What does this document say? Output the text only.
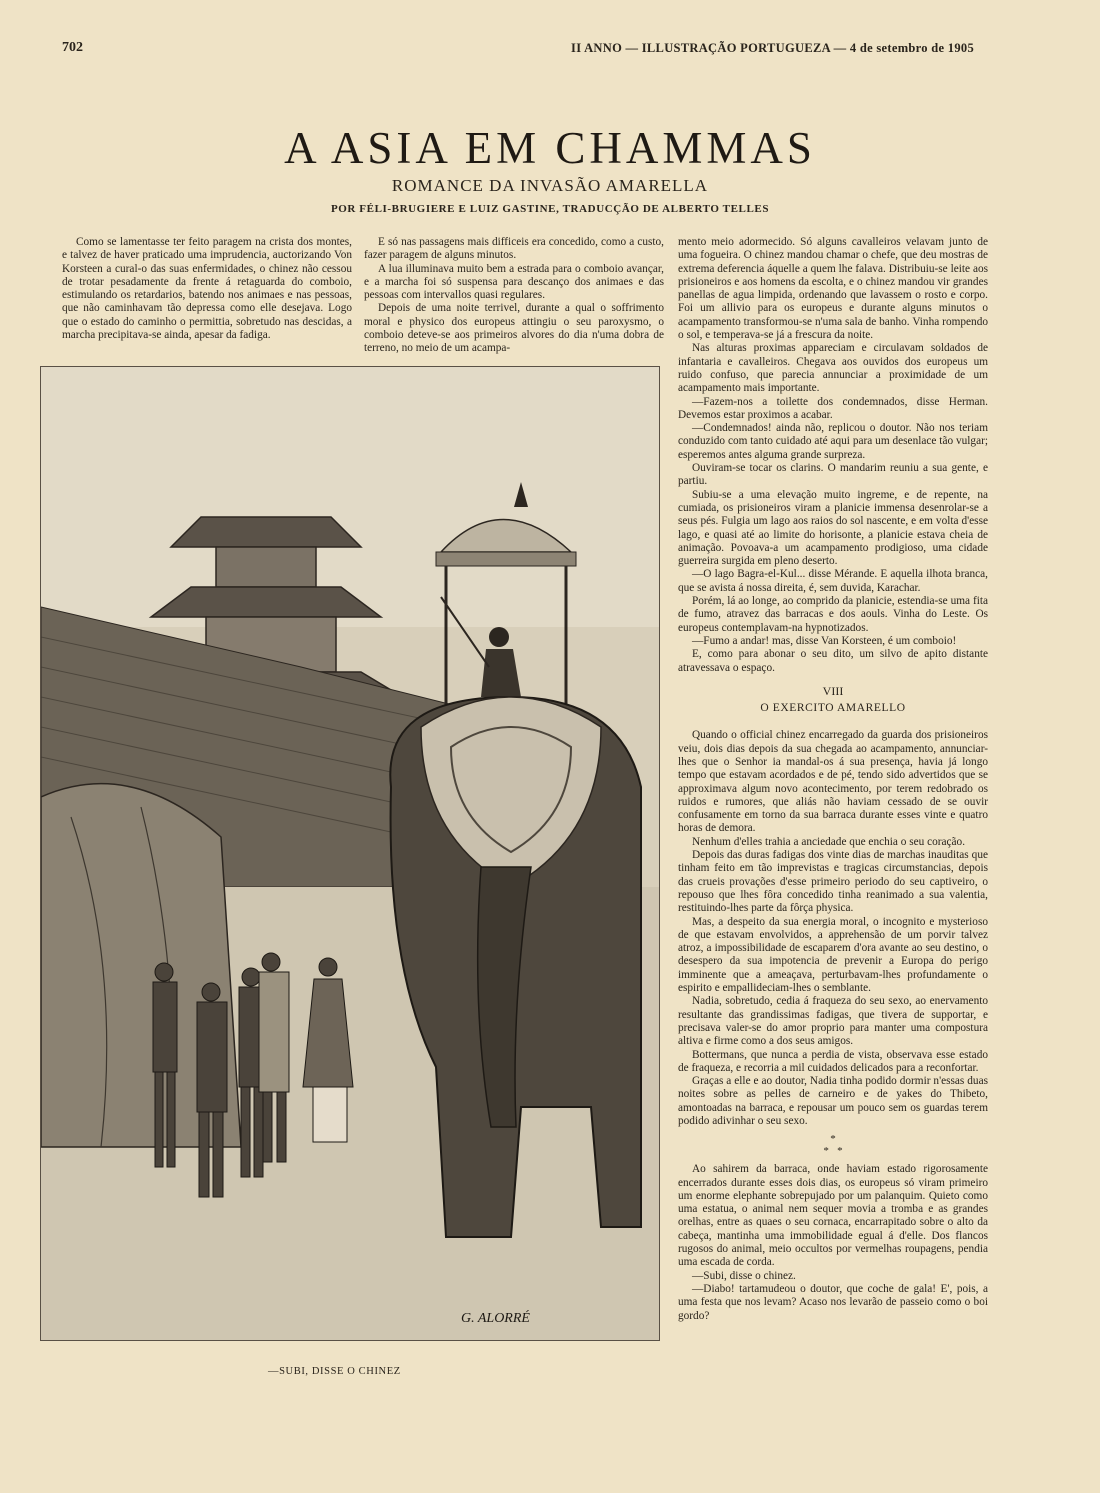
702	II ANNO — ILLUSTRAÇÃO PORTUGUEZA — 4 de setembro de 1905
A ASIA EM CHAMMAS
ROMANCE DA INVASÃO AMARELLA
POR FÉLI-BRUGIERE E LUIZ GASTINE, TRADUCÇÃO DE ALBERTO TELLES

Como se lamentasse ter feito paragem na crista dos montes, e talvez de haver praticado uma imprudencia, auctorizando Von Korsteen a cural-o das suas enfermidades, o chinez não cessou de trotar pesadamente da frente á retaguarda do comboio, estimulando os retardarios, batendo nos animaes e nas pessoas, que não caminhavam tão depressa como elle desejava. Logo que o estado do caminho o permittia, sobretudo nas descidas, a marcha precipitava-se ainda, apesar da fadiga.

E só nas passagens mais difficeis era concedido, como a custo, fazer paragem de alguns minutos.

A lua illuminava muito bem a estrada para o comboio avançar, e a marcha foi só suspensa para descanço dos animaes e das pessoas com intervallos quasi regulares.

Depois de uma noite terrivel, durante a qual o soffrimento moral e physico dos europeus attingiu o seu paroxysmo, o comboio deteve-se aos primeiros alvores do dia n'uma dobra de terreno, no meio de um acampa-

G. ALORRÉ
—SUBI, DISSE O CHINEZ

mento meio adormecido. Só alguns cavalleiros velavam junto de uma fogueira. O chinez mandou chamar o chefe, que deu mostras de extrema deferencia áquelle a quem lhe falava. Distribuiu-se leite aos prisioneiros e aos homens da escolta, e o chinez mandou vir grandes panellas de agua limpida, ordenando que lavassem o rosto e corpo. Foi um allivio para os europeus e durante alguns minutos o acampamento transformou-se n'uma sala de banho. Vinha rompendo o sol, e temperava-se já a frescura da noite.

Nas alturas proximas appareciam e circulavam soldados de infantaria e cavalleiros. Chegava aos ouvidos dos europeus um ruido confuso, que parecia annunciar a proximidade de um acampamento mais importante.

—Fazem-nos a toilette dos condemnados, disse Herman. Devemos estar proximos a acabar.

—Condemnados! ainda não, replicou o doutor. Não nos teriam conduzido com tanto cuidado até aqui para um desenlace tão vulgar; esperemos antes alguma grande surpreza.

Ouviram-se tocar os clarins. O mandarim reuniu a sua gente, e partiu.

Subiu-se a uma elevação muito ingreme, e de repente, na cumiada, os prisioneiros viram a planicie immensa desenrolar-se a seus pés. Fulgia um lago aos raios do sol nascente, e em volta d'esse lago, e quasi até ao limite do horisonte, a planicie estava cheia de animação. Povoava-a um acampamento prodigioso, uma cidade guerreira surgida em pleno deserto.

—O lago Bagra-el-Kul... disse Mérande. E aquella ilhota branca, que se avista á nossa direita, é, sem duvida, Karachar.

Porém, lá ao longe, ao comprido da planicie, estendia-se uma fita de fumo, atravez das barracas e dos aouls. Vinha do Leste. Os europeus contemplavam-na hypnotizados.

—Fumo a andar! mas, disse Van Korsteen, é um comboio!

E, como para abonar o seu dito, um silvo de apito distante atravessava o espaço.

VIII
O EXERCITO AMARELLO

Quando o official chinez encarregado da guarda dos prisioneiros veiu, dois dias depois da sua chegada ao acampamento, annunciar-lhes que o Senhor ia mandal-os á sua presença, havia já longo tempo que estavam acordados e de pé, tendo sido advertidos que se approximava algum novo acontecimento, por terem redobrado os ruidos e rumores, que aliás não haviam cessado de se ouvir confusamente em torno da sua barraca durante esses vinte e quatro horas de demora.

Nenhum d'elles trahia a anciedade que enchia o seu coração.

Depois das duras fadigas dos vinte dias de marchas inauditas que tinham feito em tão imprevistas e tragicas circumstancias, depois das crueis provações d'esse primeiro periodo do seu captiveiro, o repouso que lhes fôra concedido tinha reanimado a sua valentia, restituindo-lhes parte da fôrça physica.

Mas, a despeito da sua energia moral, o incognito e mysterioso de que estavam envolvidos, a apprehensão de um porvir talvez atroz, a impossibilidade de escaparem d'ora avante ao seu destino, o desespero da sua impotencia de prevenir a Europa do perigo imminente que a ameaçava, perturbavam-lhes profundamente o espirito e empallideciam-lhes o semblante.

Nadia, sobretudo, cedia á fraqueza do seu sexo, ao enervamento resultante das grandissimas fadigas, que tivera de supportar, e precisava valer-se do amor proprio para manter uma compostura altiva e firme como a dos seus amigos.

Bottermans, que nunca a perdia de vista, observava esse estado de fraqueza, e recorria a mil cuidados delicados para a reconfortar.

Graças a elle e ao doutor, Nadia tinha podido dormir n'essas duas noites sobre as pelles de carneiro e de yakes do Thibeto, amontoadas na barraca, e repousar um pouco sem os guardas terem podido adivinhar o seu sexo.

*
*   *

Ao sahirem da barraca, onde haviam estado rigorosamente encerrados durante esses dois dias, os europeus só viram primeiro um enorme elephante sobrepujado por um palanquim. Quieto como uma estatua, o animal nem sequer movia a tromba e as grandes orelhas, entre as quaes o seu cornaca, encarrapitado sobre o alto da cabeça, mantinha uma immobilidade egual á d'elle. Dos flancos rugosos do animal, meio occultos por vermelhas roupagens, pendia uma escada de corda.

—Subi, disse o chinez.

—Diabo! tartamudeou o doutor, que coche de gala! E', pois, a uma festa que nos levam? Acaso nos levarão de passeio como o boi gordo?
